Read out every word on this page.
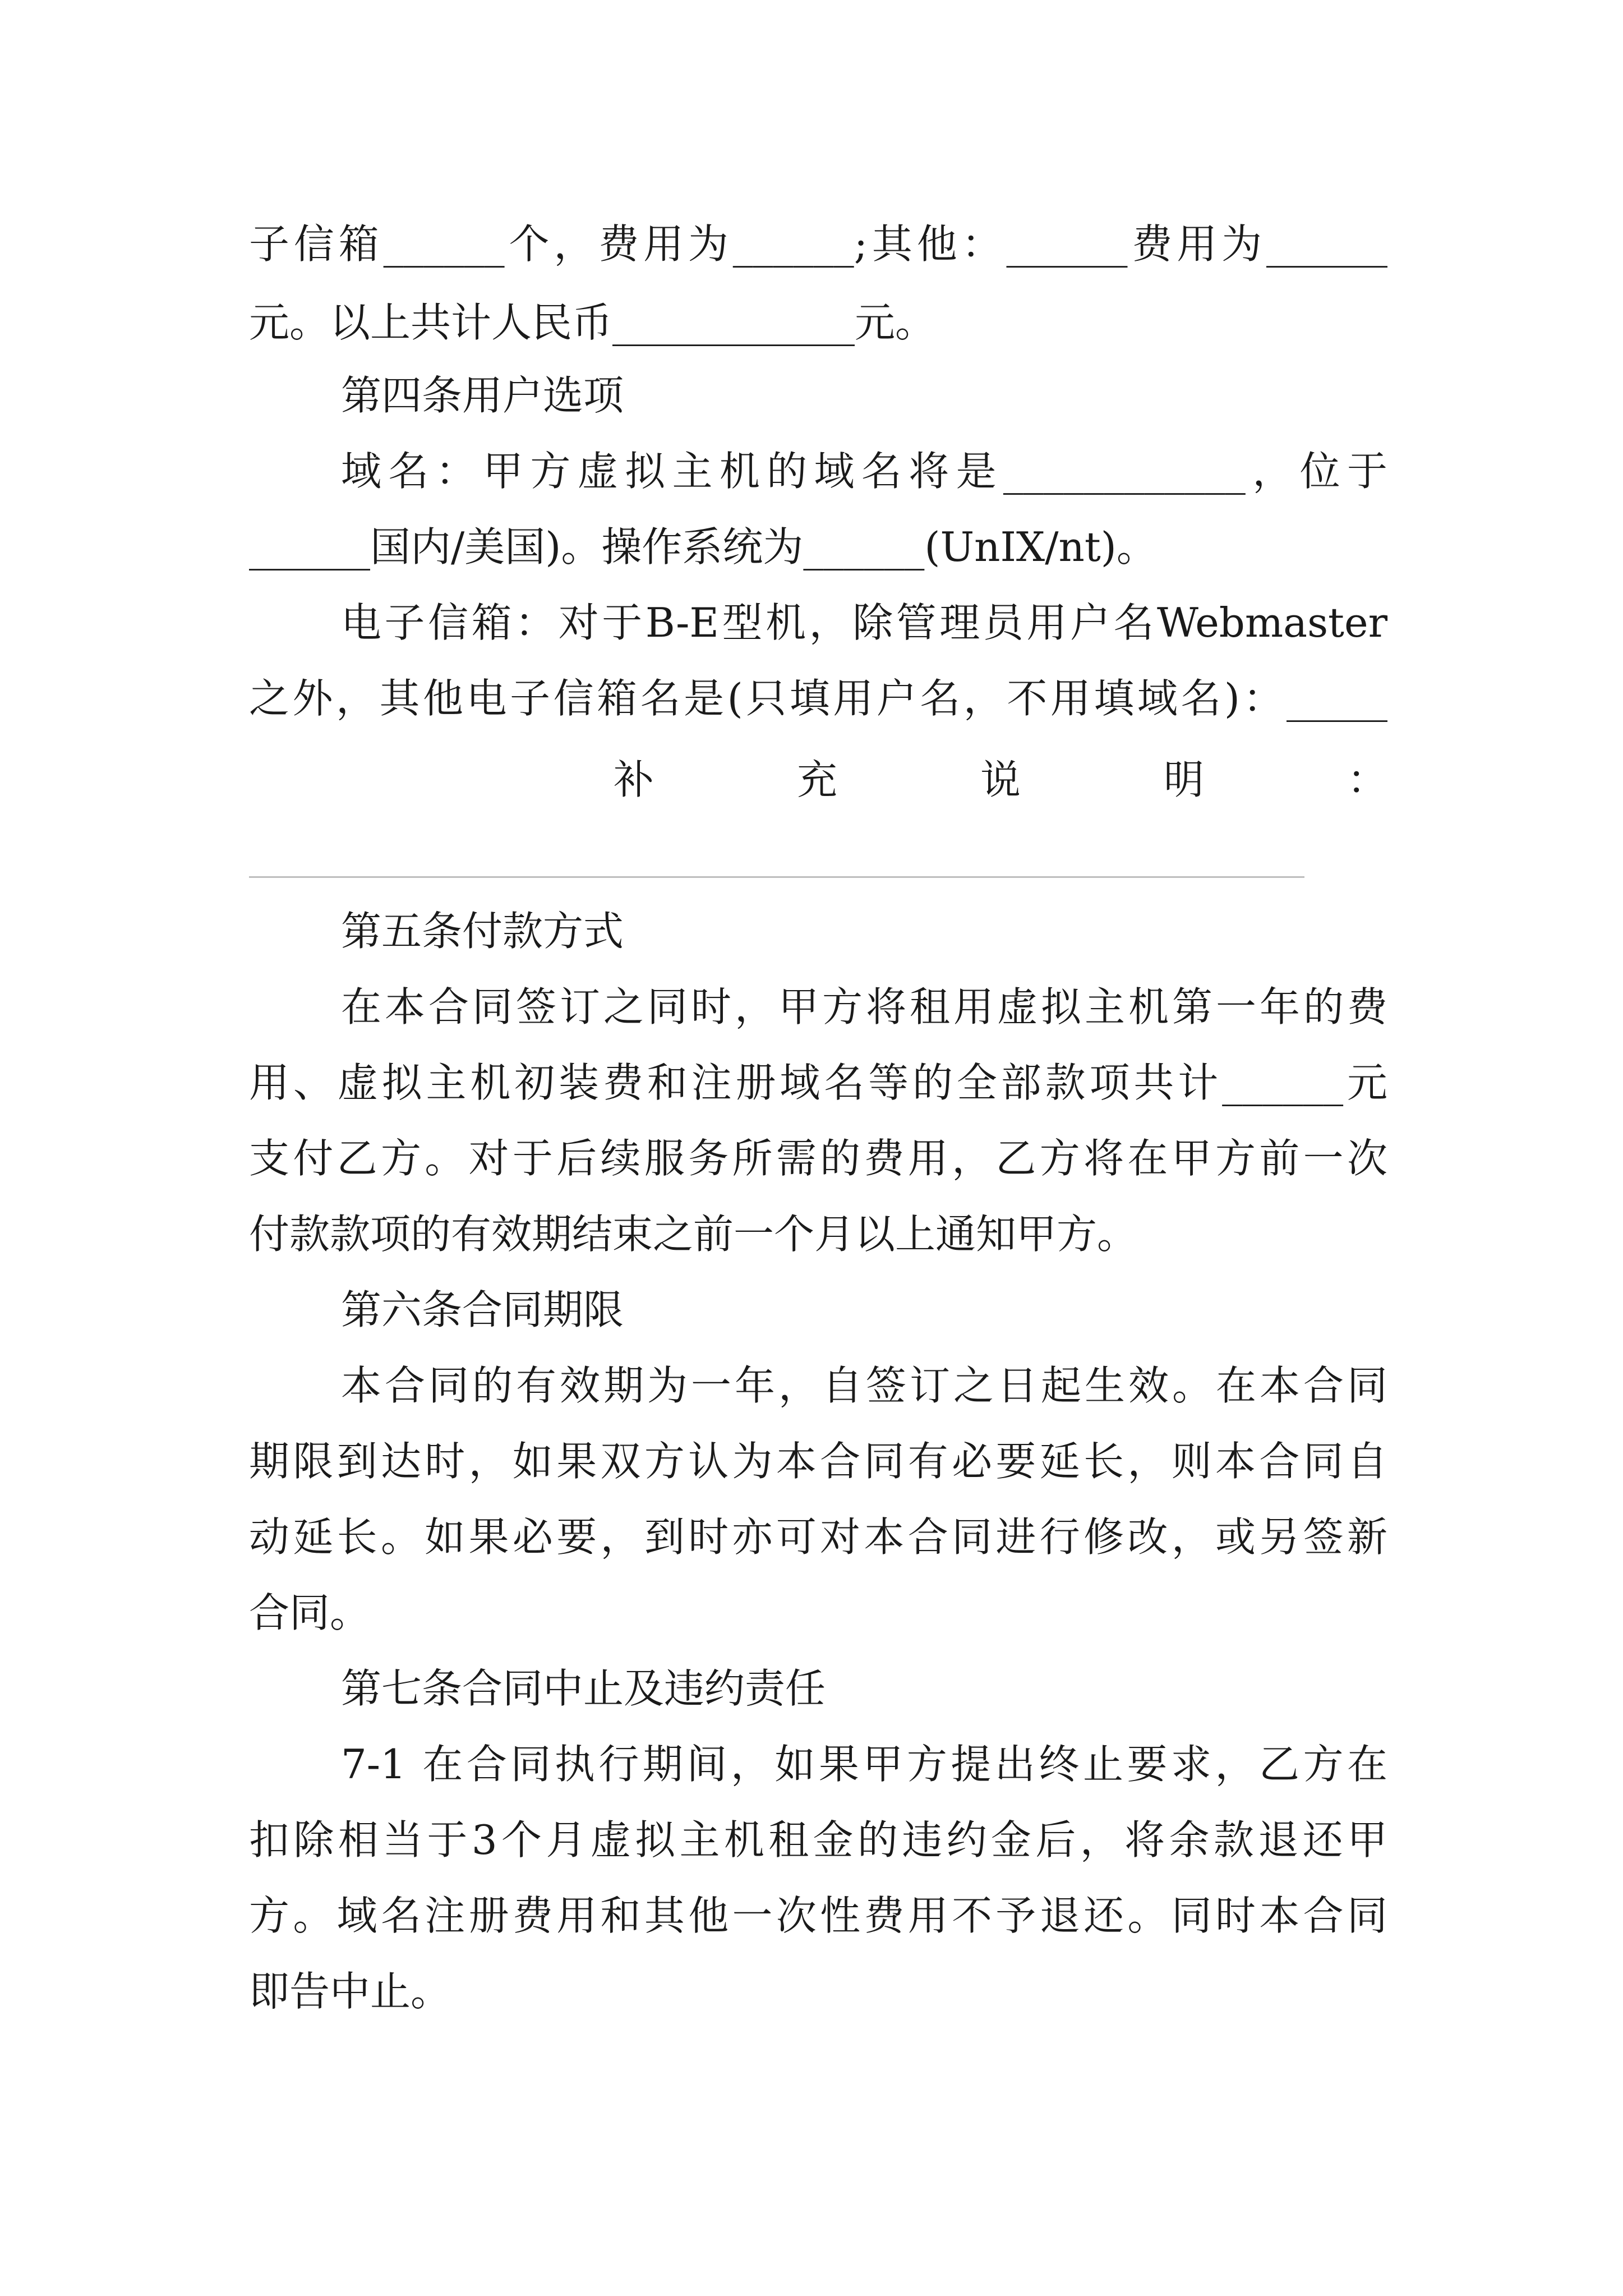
子信箱______个，费用为______;其他：______费用为______
元。以上共计人民币____________元。
第四条用户选项
域名：甲方虚拟主机的域名将是____________，位于
______国内/美国)。操作系统为______(UnIX/nt)。
电子信箱：对于B-E型机，除管理员用户名Webmaster
之外，其他电子信箱名是(只填用户名，不用填域名)：_____
补	充	说	明	：
第五条付款方式
在本合同签订之同时，甲方将租用虚拟主机第一年的费
用、虚拟主机初装费和注册域名等的全部款项共计______元
支付乙方。对于后续服务所需的费用，乙方将在甲方前一次
付款款项的有效期结束之前一个月以上通知甲方。
第六条合同期限
本合同的有效期为一年，自签订之日起生效。在本合同
期限到达时，如果双方认为本合同有必要延长，则本合同自
动延长。如果必要，到时亦可对本合同进行修改，或另签新
合同。
第七条合同中止及违约责任
7-1 在合同执行期间，如果甲方提出终止要求，乙方在
扣除相当于3个月虚拟主机租金的违约金后，将余款退还甲
方。域名注册费用和其他一次性费用不予退还。同时本合同
即告中止。
